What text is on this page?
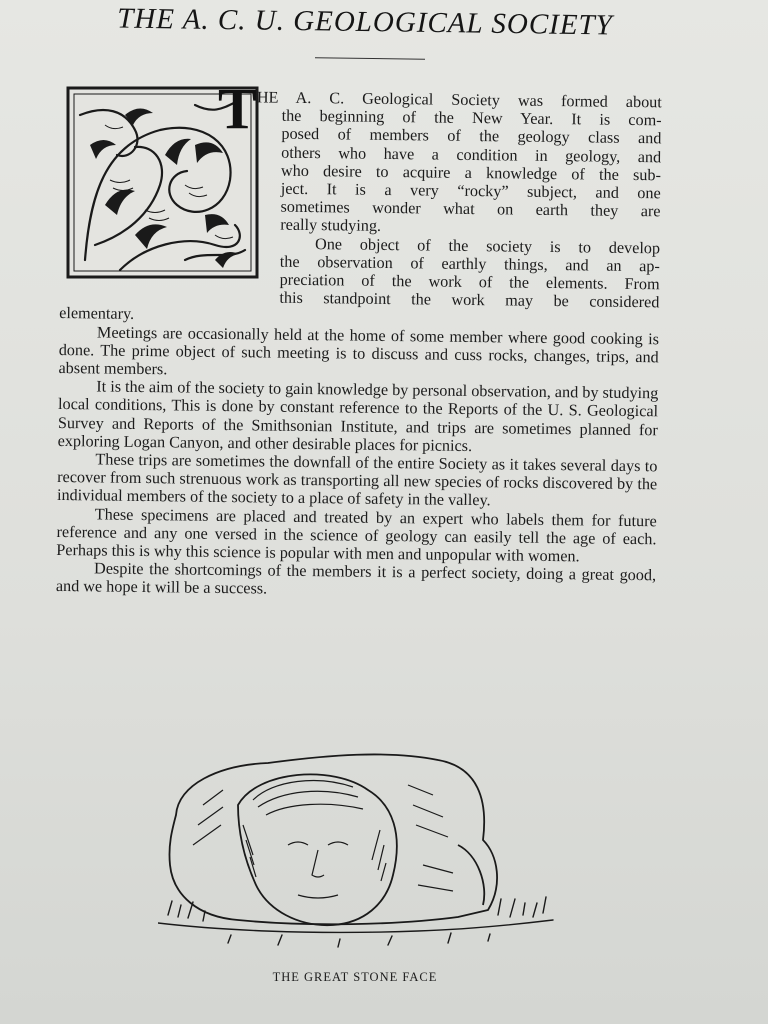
THE A. C. U. GEOLOGICAL SOCIETY
T HE A. C. Geological Society was formed about
the beginning of the New Year. It is com-
posed of members of the geology class and
others who have a condition in geology, and
who desire to acquire a knowledge of the sub-
ject. It is a very “rocky” subject, and one
sometimes wonder what on earth they are
really studying.
One object of the society is to develop
the observation of earthly things, and an ap-
preciation of the work of the elements. From
this standpoint the work may be considered
elementary.

Meetings are occasionally held at the home of some member where good cooking is done. The prime object of such meeting is to discuss and cuss rocks, changes, trips, and absent members.

It is the aim of the society to gain knowledge by personal observation, and by studying local conditions, This is done by constant reference to the Reports of the U. S. Geological Survey and Reports of the Smithsonian Institute, and trips are sometimes planned for exploring Logan Canyon, and other desirable places for picnics.

These trips are sometimes the downfall of the entire Society as it takes several days to recover from such strenuous work as transporting all new species of rocks discovered by the individual members of the society to a place of safety in the valley.

These specimens are placed and treated by an expert who labels them for future reference and any one versed in the science of geology can easily tell the age of each. Perhaps this is why this science is popular with men and unpopular with women.

Despite the shortcomings of the members it is a perfect society, doing a great good, and we hope it will be a success.

THE GREAT STONE FACE
